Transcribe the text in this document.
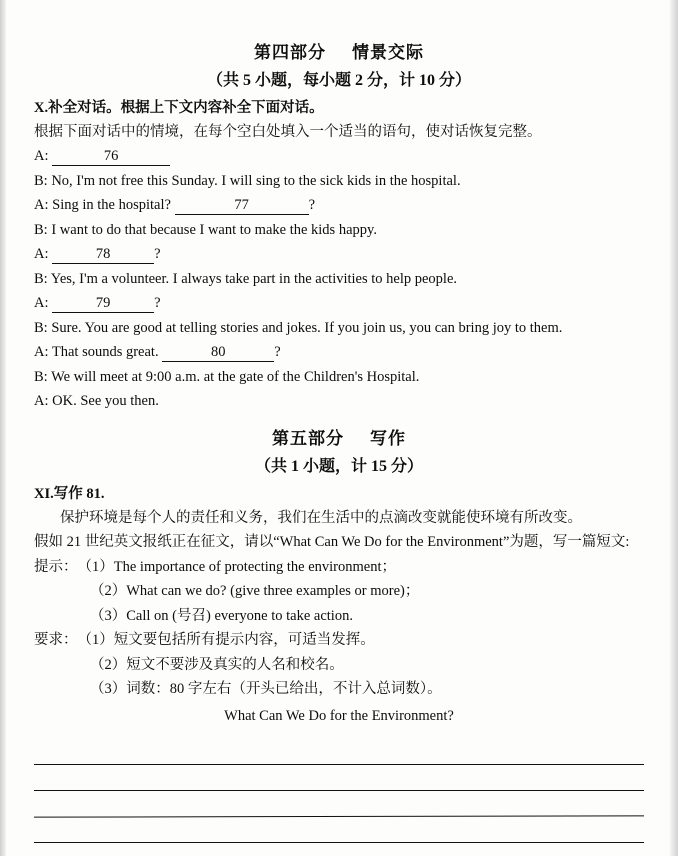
第四部分 情景交际
（共 5 小题，每小题 2 分，计 10 分）
X.补全对话。根据上下文内容补全下面对话。
根据下面对话中的情境，在每个空白处填入一个适当的语句，使对话恢复完整。
A:	76
B: No, I'm not free this Sunday. I will sing to the sick kids in the hospital.
A: Sing in the hospital?	77	?
B: I want to do that because I want to make the kids happy.
A:	78	?
B: Yes, I'm a volunteer. I always take part in the activities to help people.
A:	79	?
B: Sure. You are good at telling stories and jokes. If you join us, you can bring joy to them.
A: That sounds great.	80	?
B: We will meet at 9:00 a.m. at the gate of the Children's Hospital.
A: OK. See you then.
第五部分 写作
（共 1 小题，计 15 分）
XI.写作 81.
保护环境是每个人的责任和义务，我们在生活中的点滴改变就能使环境有所改变。
假如 21 世纪英文报纸正在征文，请以“What Can We Do for the Environment”为题，写一篇短文:
提示： （1）The importance of protecting the environment；
（2）What can we do? (give three examples or more)；
（3）Call on (号召) everyone to take action.
要求： （1）短文要包括所有提示内容，可适当发挥。
（2）短文不要涉及真实的人名和校名。
（3）词数：80 字左右（开头已给出，不计入总词数）。
What Can We Do for the Environment?
